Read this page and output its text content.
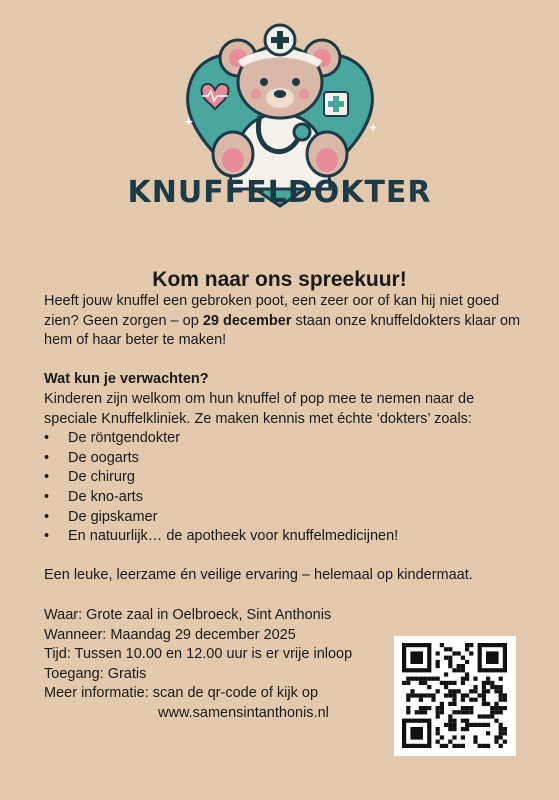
✦	✦
KNUFFELDOKTER
Kom naar ons spreekuur!

Heeft jouw knuffel een gebroken poot, een zeer oor of kan hij niet goed zien? Geen zorgen – op 29 december staan onze knuffeldokters klaar om hem of haar beter te maken!

Wat kun je verwachten?

Kinderen zijn welkom om hun knuffel of pop mee te nemen naar de speciale Knuffelkliniek. Ze maken kennis met échte ‘dokters’ zoals:

• De röntgendokter
• De oogarts
• De chirurg
• De kno-arts
• De gipskamer
• En natuurlijk… de apotheek voor knuffelmedicijnen!

Een leuke, leerzame én veilige ervaring – helemaal op kindermaat.

Waar: Grote zaal in Oelbroeck, Sint Anthonis

Wanneer: Maandag 29 december 2025

Tijd: Tussen 10.00 en 12.00 uur is er vrije inloop

Toegang: Gratis

Meer informatie: scan de qr-code of kijk op

www.samensintanthonis.nl
